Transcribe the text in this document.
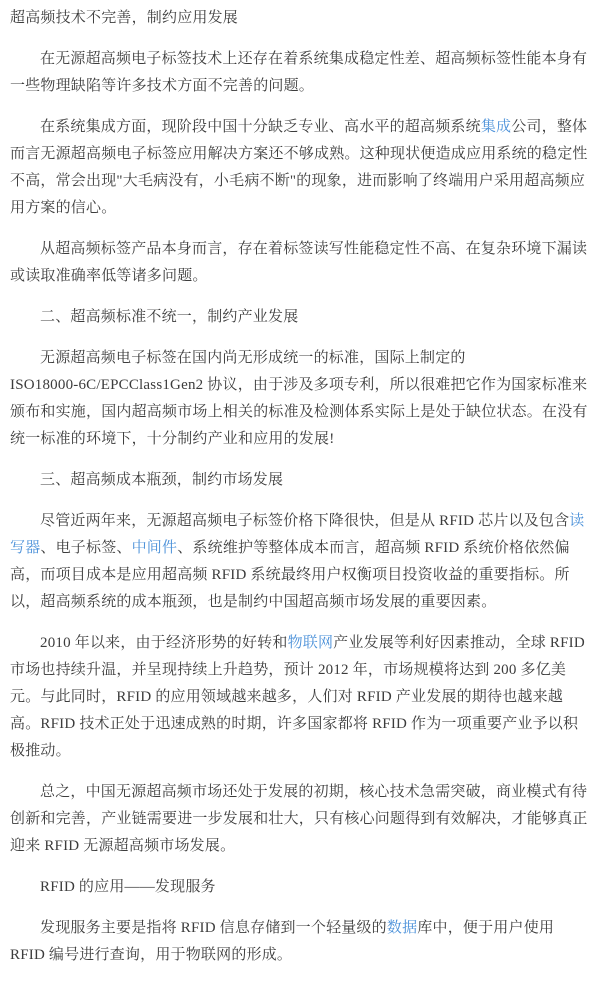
超高频技术不完善，制约应用发展

在无源超高频电子标签技术上还存在着系统集成稳定性差、超高频标签性能本身有一些物理缺陷等许多技术方面不完善的问题。

在系统集成方面，现阶段中国十分缺乏专业、高水平的超高频系统集成公司，整体而言无源超高频电子标签应用解决方案还不够成熟。这种现状便造成应用系统的稳定性不高，常会出现"大毛病没有，小毛病不断"的现象，进而影响了终端用户采用超高频应用方案的信心。

从超高频标签产品本身而言，存在着标签读写性能稳定性不高、在复杂环境下漏读或读取准确率低等诸多问题。

二、超高频标准不统一，制约产业发展

无源超高频电子标签在国内尚无形成统一的标准，国际上制定的 ISO18000-6C/EPCClass1Gen2 协议，由于涉及多项专利，所以很难把它作为国家标准来颁布和实施，国内超高频市场上相关的标准及检测体系实际上是处于缺位状态。在没有统一标准的环境下，十分制约产业和应用的发展!

三、超高频成本瓶颈，制约市场发展

尽管近两年来，无源超高频电子标签价格下降很快，但是从 RFID 芯片以及包含读写器、电子标签、中间件、系统维护等整体成本而言，超高频 RFID 系统价格依然偏高，而项目成本是应用超高频 RFID 系统最终用户权衡项目投资收益的重要指标。所以，超高频系统的成本瓶颈，也是制约中国超高频市场发展的重要因素。

2010 年以来，由于经济形势的好转和物联网产业发展等利好因素推动，全球 RFID 市场也持续升温，并呈现持续上升趋势，预计 2012 年，市场规模将达到 200 多亿美元。与此同时，RFID 的应用领域越来越多，人们对 RFID 产业发展的期待也越来越高。RFID 技术正处于迅速成熟的时期，许多国家都将 RFID 作为一项重要产业予以积极推动。

总之，中国无源超高频市场还处于发展的初期，核心技术急需突破，商业模式有待创新和完善，产业链需要进一步发展和壮大，只有核心问题得到有效解决，才能够真正迎来 RFID 无源超高频市场发展。

RFID 的应用——发现服务

发现服务主要是指将 RFID 信息存储到一个轻量级的数据库中，便于用户使用 RFID 编号进行查询，用于物联网的形成。
